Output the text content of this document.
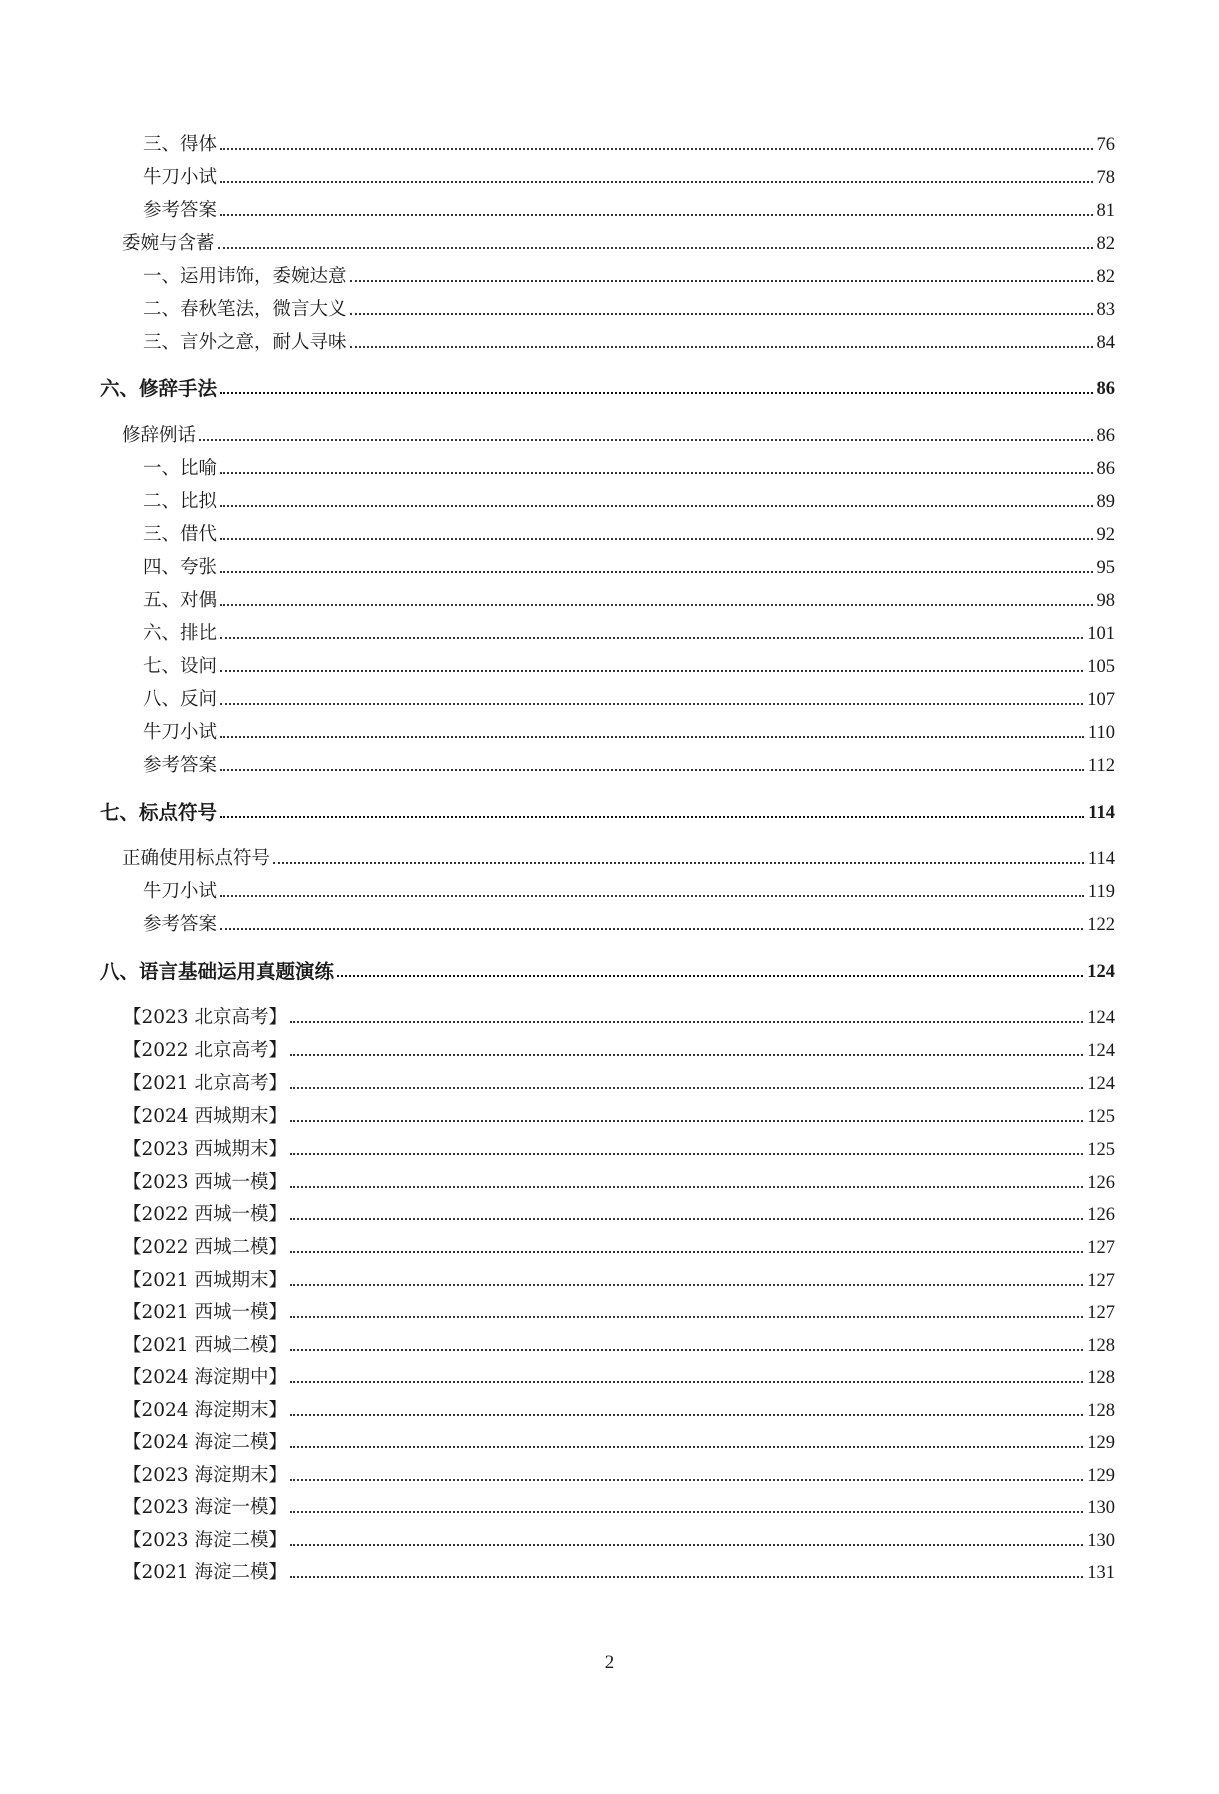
三、得体	76
牛刀小试	78
参考答案	81
委婉与含蓄	82
一、运用讳饰，委婉达意	82
二、春秋笔法，微言大义	83
三、言外之意，耐人寻味	84
六、修辞手法	86
修辞例话	86
一、比喻	86
二、比拟	89
三、借代	92
四、夸张	95
五、对偶	98
六、排比	101
七、设问	105
八、反问	107
牛刀小试	110
参考答案	112
七、标点符号	114
正确使用标点符号	114
牛刀小试	119
参考答案	122
八、语言基础运用真题演练	124
【2023 北京高考】	124
【2022 北京高考】	124
【2021 北京高考】	124
【2024 西城期末】	125
【2023 西城期末】	125
【2023 西城一模】	126
【2022 西城一模】	126
【2022 西城二模】	127
【2021 西城期末】	127
【2021 西城一模】	127
【2021 西城二模】	128
【2024 海淀期中】	128
【2024 海淀期末】	128
【2024 海淀二模】	129
【2023 海淀期末】	129
【2023 海淀一模】	130
【2023 海淀二模】	130
【2021 海淀二模】	131
2
